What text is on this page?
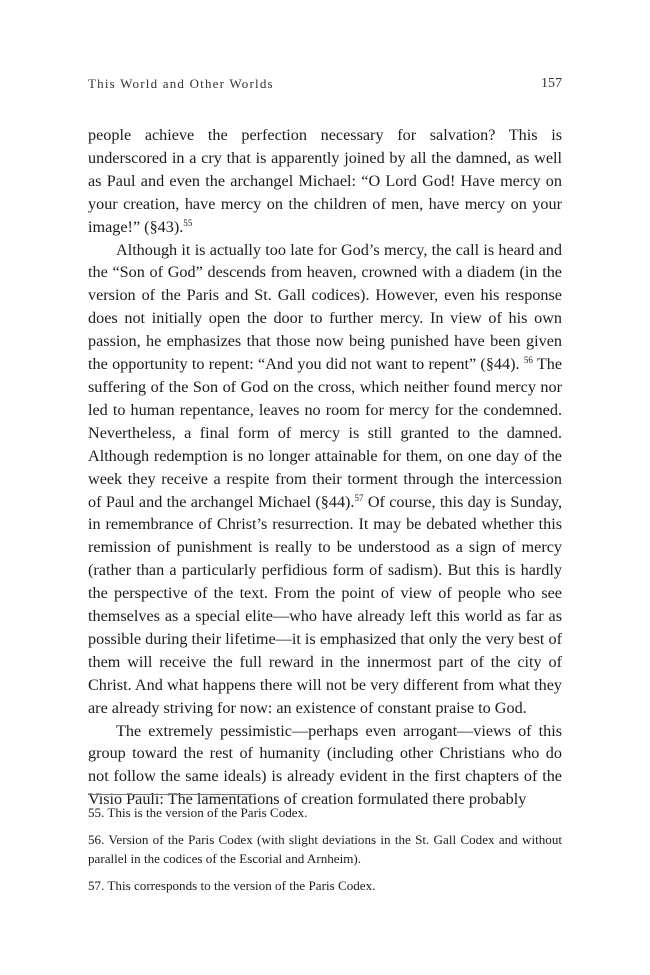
This World and Other Worlds	157

people achieve the perfection necessary for salvation? This is underscored in a cry that is apparently joined by all the damned, as well as Paul and even the archangel Michael: “O Lord God! Have mercy on your creation, have mercy on the children of men, have mercy on your image!” (§43).$^{55}$

Although it is actually too late for God’s mercy, the call is heard and the “Son of God” descends from heaven, crowned with a diadem (in the version of the Paris and St. Gall codices). However, even his response does not initially open the door to further mercy. In view of his own passion, he emphasizes that those now being punished have been given the opportunity to repent: “And you did not want to repent” (§44). $^{56}$ The suffering of the Son of God on the cross, which neither found mercy nor led to human repentance, leaves no room for mercy for the condemned. Nevertheless, a final form of mercy is still granted to the damned. Although redemption is no longer attainable for them, on one day of the week they receive a respite from their torment through the intercession of Paul and the archangel Michael (§44).$^{57}$ Of course, this day is Sunday, in remembrance of Christ’s resurrection. It may be debated whether this remission of punishment is really to be understood as a sign of mercy (rather than a particularly perfidious form of sadism). But this is hardly the perspective of the text. From the point of view of people who see themselves as a special elite—who have already left this world as far as possible during their lifetime—it is emphasized that only the very best of them will receive the full reward in the innermost part of the city of Christ. And what happens there will not be very different from what they are already striving for now: an existence of constant praise to God.

The extremely pessimistic—perhaps even arrogant—views of this group toward the rest of humanity (including other Christians who do not follow the same ideals) is already evident in the first chapters of the Visio Pauli: The lamentations of creation formulated there probably

55. This is the version of the Paris Codex.

56. Version of the Paris Codex (with slight deviations in the St. Gall Codex and without parallel in the codices of the Escorial and Arnheim).

57. This corresponds to the version of the Paris Codex.
